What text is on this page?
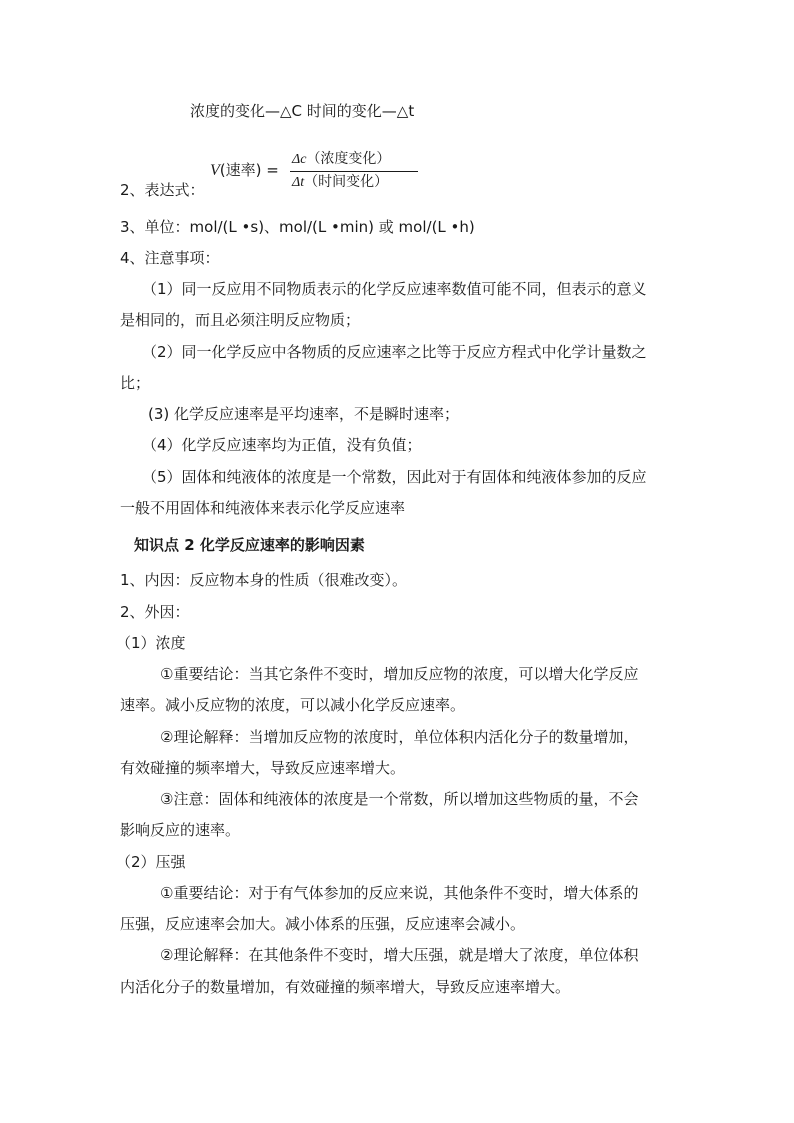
浓度的变化—△C 时间的变化—△t
V(速率) =
Δc（浓度变化）
Δt（时间变化）
2、表达式：
3、单位：mol/(L •s)、mol/(L •min) 或 mol/(L •h)
4、注意事项：
（1）同一反应用不同物质表示的化学反应速率数值可能不同，但表示的意义
是相同的，而且必须注明反应物质；
（2）同一化学反应中各物质的反应速率之比等于反应方程式中化学计量数之
比；
(3) 化学反应速率是平均速率，不是瞬时速率；
（4）化学反应速率均为正值，没有负值；
（5）固体和纯液体的浓度是一个常数，因此对于有固体和纯液体参加的反应
一般不用固体和纯液体来表示化学反应速率
知识点 2 化学反应速率的影响因素
1、内因：反应物本身的性质（很难改变）。
2、外因：
（1）浓度
①重要结论：当其它条件不变时，增加反应物的浓度，可以增大化学反应
速率。减小反应物的浓度，可以减小化学反应速率。
②理论解释：当增加反应物的浓度时，单位体积内活化分子的数量增加，
有效碰撞的频率增大，导致反应速率增大。
③注意：固体和纯液体的浓度是一个常数，所以增加这些物质的量，不会
影响反应的速率。
（2）压强
①重要结论：对于有气体参加的反应来说，其他条件不变时，增大体系的
压强，反应速率会加大。减小体系的压强，反应速率会减小。
②理论解释：在其他条件不变时，增大压强，就是增大了浓度，单位体积
内活化分子的数量增加，有效碰撞的频率增大，导致反应速率增大。
